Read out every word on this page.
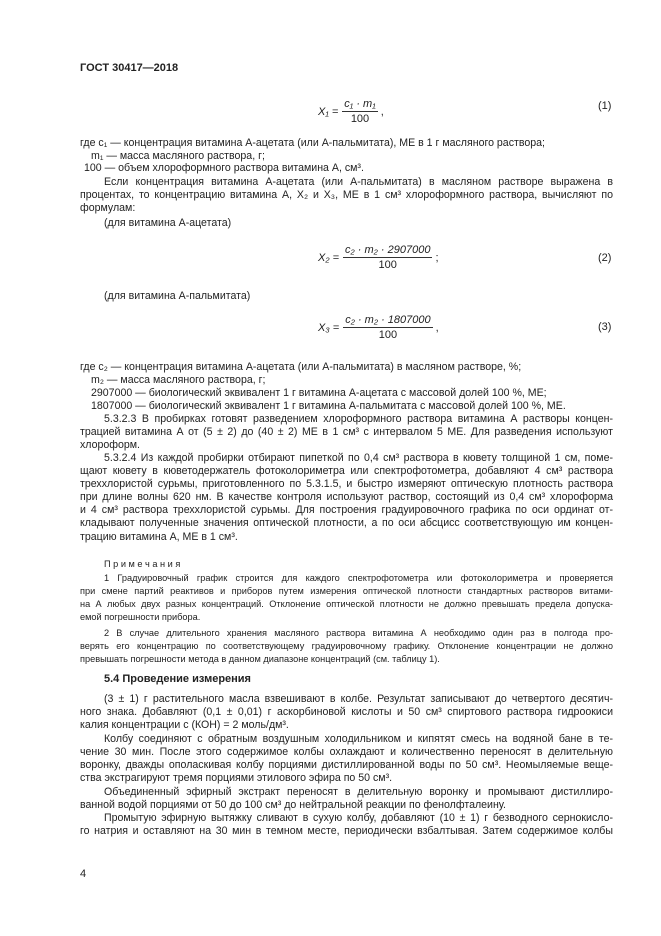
ГОСТ 30417—2018
$X_1 = \frac{\text{c₁ · m₁}}{100}$ ,	(1)
где c₁ — концентрация витамина А-ацетата (или А-пальмитата), МЕ в 1 г масляного раствора;
m₁ — масса масляного раствора, г;
100 — объем хлороформного раствора витамина А, см³.
Если концентрация витамина А-ацетата (или А-пальмитата) в масляном растворе выражена в
процентах, то концентрацию витамина А, X₂ и X₃, МЕ в 1 см³ хлороформного раствора, вычисляют по
формулам:
(для витамина А-ацетата)
$X_2 = \frac{\text{c₂ · m₂ · 2907000}}{100}$ ;	(2)
(для витамина А-пальмитата)
$X_3 = \frac{\text{c₂ · m₂ · 1807000}}{100}$ ,	(3)
где c₂ — концентрация витамина А-ацетата (или А-пальмитата) в масляном растворе, %;
m₂ — масса масляного раствора, г;
2907000 — биологический эквивалент 1 г витамина А-ацетата с массовой долей 100 %, МЕ;
1807000 — биологический эквивалент 1 г витамина А-пальмитата с массовой долей 100 %, МЕ.
5.3.2.3 В пробирках готовят разведением хлороформного раствора витамина А растворы концен-
трацией витамина А от (5 ± 2) до (40 ± 2) МЕ в 1 см³ с интервалом 5 МЕ. Для разведения используют
хлороформ.
5.3.2.4 Из каждой пробирки отбирают пипеткой по 0,4 см³ раствора в кювету толщиной 1 см, поме-
щают кювету в кюветодержатель фотоколориметра или спектрофотометра, добавляют 4 см³ раствора
треххлористой сурьмы, приготовленного по 5.3.1.5, и быстро измеряют оптическую плотность раствора
при длине волны 620 нм. В качестве контроля используют раствор, состоящий из 0,4 см³ хлороформа
и 4 см³ раствора треххлористой сурьмы. Для построения градуировочного графика по оси ординат от-
кладывают полученные значения оптической плотности, а по оси абсцисс соответствующую им концен-
трацию витамина А, МЕ в 1 см³.
П р и м е ч а н и я
1 Градуировочный график строится для каждого спектрофотометра или фотоколориметра и проверяется
при смене партий реактивов и приборов путем измерения оптической плотности стандартных растворов витами-
на А любых двух разных концентраций. Отклонение оптической плотности не должно превышать предела допуска-
емой погрешности прибора.
2 В случае длительного хранения масляного раствора витамина А необходимо один раз в полгода про-
верять его концентрацию по соответствующему градуировочному графику. Отклонение концентрации не должно
превышать погрешности метода в данном диапазоне концентраций (см. таблицу 1).
5.4 Проведение измерения
(3 ± 1) г растительного масла взвешивают в колбе. Результат записывают до четвертого десятич-
ного знака. Добавляют (0,1 ± 0,01) г аскорбиновой кислоты и 50 см³ спиртового раствора гидроокиси
калия концентрации c (КОН) = 2 моль/дм³.
Колбу соединяют с обратным воздушным холодильником и кипятят смесь на водяной бане в те-
чение 30 мин. После этого содержимое колбы охлаждают и количественно переносят в делительную
воронку, дважды ополаскивая колбу порциями дистиллированной воды по 50 см³. Неомыляемые веще-
ства экстрагируют тремя порциями этилового эфира по 50 см³.
Объединенный эфирный экстракт переносят в делительную воронку и промывают дистиллиро-
ванной водой порциями от 50 до 100 см³ до нейтральной реакции по фенолфталеину.
Промытую эфирную вытяжку сливают в сухую колбу, добавляют (10 ± 1) г безводного сернокисло-
го натрия и оставляют на 30 мин в темном месте, периодически взбалтывая. Затем содержимое колбы
4
